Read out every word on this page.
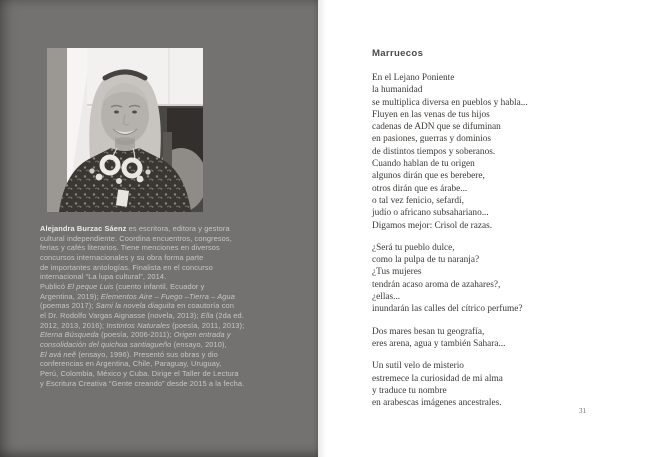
Alejandra Burzac Sáenz es escritora, editora y gestora
cultural independiente. Coordina encuentros, congresos,
ferias y cafés literarios. Tiene menciones en diversos
concursos internacionales y su obra forma parte
de importantes antologías. Finalista en el concurso
internacional “La lupa cultural”, 2014.
Publicó El peque Luis (cuento infantil, Ecuador y
Argentina, 2019); Elementos Aire – Fuego –Tierra – Agua
(poemas 2017); Sami la novela diaguita en coautoría con
el Dr. Rodolfo Vargas Aignasse (novela, 2013); Ella (2da ed.
2012, 2013, 2016); Instintos Naturales (poesía, 2011, 2013);
Eterna Búsqueda (poesía, 2006-2011); Origen entrada y
consolidación del quichua santiagueño (ensayo, 2010),
El avá neẽ (ensayo, 1996). Presentó sus obras y dio
conferencias en Argentina, Chile, Paraguay, Uruguay,
Perú, Colombia, México y Cuba. Dirige el Taller de Lectura
y Escritura Creativa “Gente creando” desde 2015 a la fecha.
Marruecos
En el Lejano Poniente
la humanidad
se multiplica diversa en pueblos y habla...
Fluyen en las venas de tus hijos
cadenas de ADN que se difuminan
en pasiones, guerras y dominios
de distintos tiempos y soberanos.
Cuando hablan de tu origen
algunos dirán que es berebere,
otros dirán que es árabe...
o tal vez fenicio, sefardí,
judío o africano subsahariano...
Digamos mejor: Crisol de razas.
¿Será tu pueblo dulce,
como la pulpa de tu naranja?
¿Tus mujeres
tendrán acaso aroma de azahares?,
¿ellas...
inundarán las calles del cítrico perfume?
Dos mares besan tu geografía,
eres arena, agua y también Sahara...
Un sutil velo de misterio
estremece la curiosidad de mi alma
y traduce tu nombre
en arabescas imágenes ancestrales.
31
